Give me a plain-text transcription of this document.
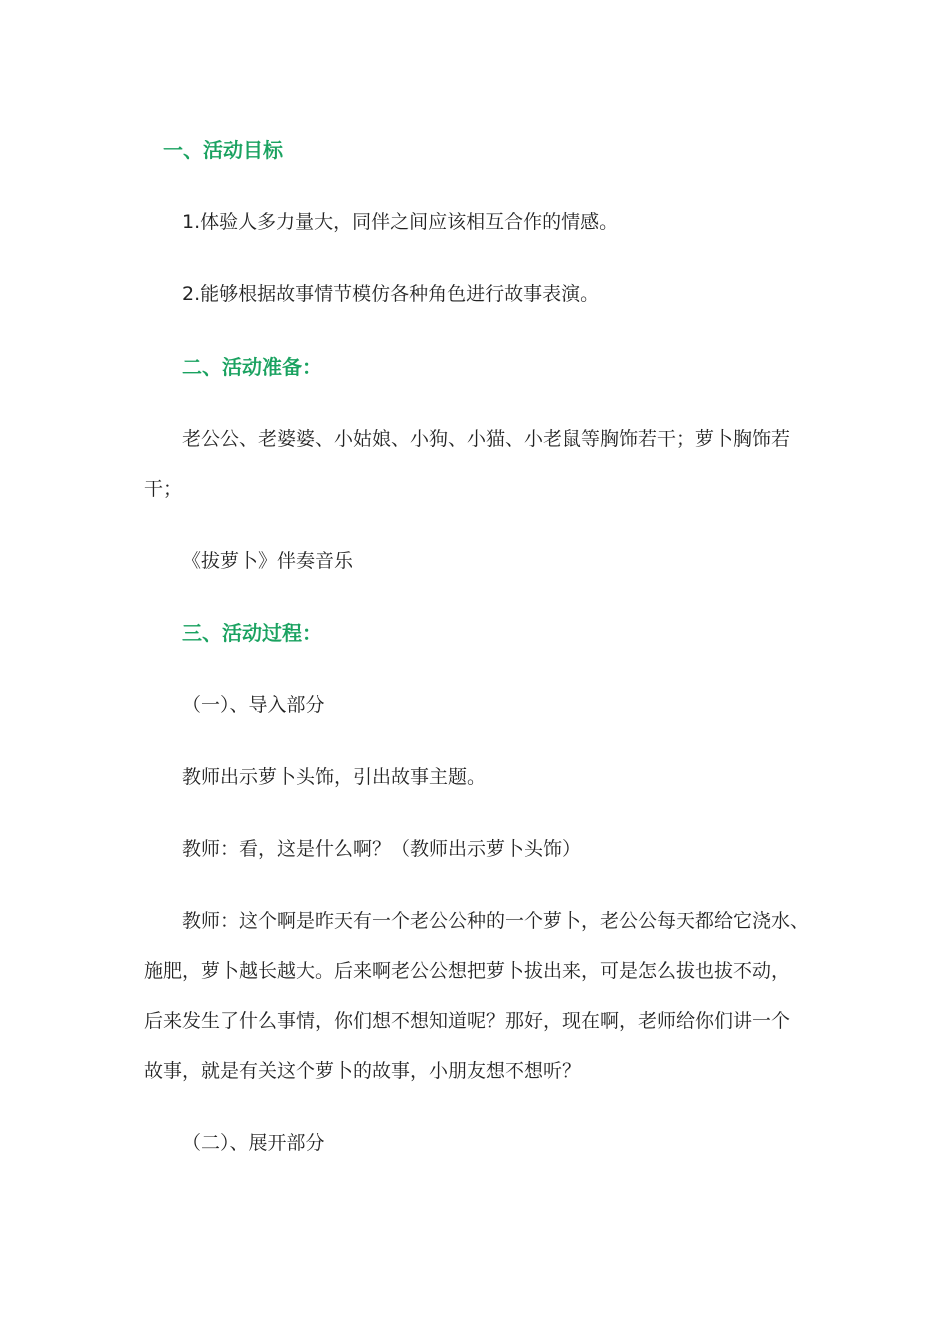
一、活动目标
1.体验人多力量大，同伴之间应该相互合作的情感。
2.能够根据故事情节模仿各种角色进行故事表演。
二、活动准备：
老公公、老婆婆、小姑娘、小狗、小猫、小老鼠等胸饰若干；萝卜胸饰若
干；
《拔萝卜》伴奏音乐
三、活动过程：
（一）、导入部分
教师出示萝卜头饰，引出故事主题。
教师：看，这是什么啊？（教师出示萝卜头饰）
教师：这个啊是昨天有一个老公公种的一个萝卜，老公公每天都给它浇水、
施肥，萝卜越长越大。后来啊老公公想把萝卜拔出来，可是怎么拔也拔不动，
后来发生了什么事情，你们想不想知道呢？那好，现在啊，老师给你们讲一个
故事，就是有关这个萝卜的故事，小朋友想不想听？
（二）、展开部分
